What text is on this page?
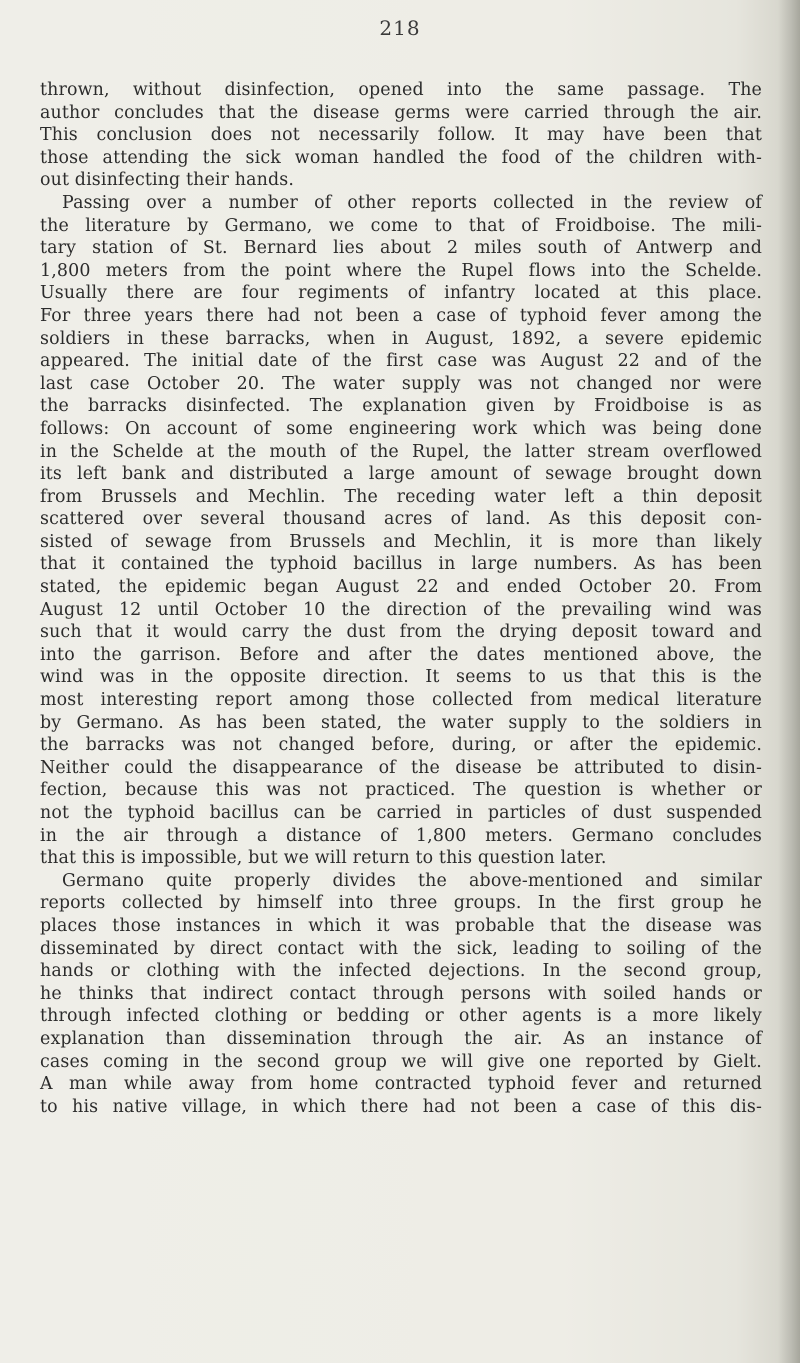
218
thrown, without disinfection, opened into the same passage. The
author concludes that the disease germs were carried through the air.
This conclusion does not necessarily follow. It may have been that
those attending the sick woman handled the food of the children with-
out disinfecting their hands.
Passing over a number of other reports collected in the review of
the literature by Germano, we come to that of Froidboise. The mili-
tary station of St. Bernard lies about 2 miles south of Antwerp and
1,800 meters from the point where the Rupel flows into the Schelde.
Usually there are four regiments of infantry located at this place.
For three years there had not been a case of typhoid fever among the
soldiers in these barracks, when in August, 1892, a severe epidemic
appeared. The initial date of the first case was August 22 and of the
last case October 20. The water supply was not changed nor were
the barracks disinfected. The explanation given by Froidboise is as
follows: On account of some engineering work which was being done
in the Schelde at the mouth of the Rupel, the latter stream overflowed
its left bank and distributed a large amount of sewage brought down
from Brussels and Mechlin. The receding water left a thin deposit
scattered over several thousand acres of land. As this deposit con-
sisted of sewage from Brussels and Mechlin, it is more than likely
that it contained the typhoid bacillus in large numbers. As has been
stated, the epidemic began August 22 and ended October 20. From
August 12 until October 10 the direction of the prevailing wind was
such that it would carry the dust from the drying deposit toward and
into the garrison. Before and after the dates mentioned above, the
wind was in the opposite direction. It seems to us that this is the
most interesting report among those collected from medical literature
by Germano. As has been stated, the water supply to the soldiers in
the barracks was not changed before, during, or after the epidemic.
Neither could the disappearance of the disease be attributed to disin-
fection, because this was not practiced. The question is whether or
not the typhoid bacillus can be carried in particles of dust suspended
in the air through a distance of 1,800 meters. Germano concludes
that this is impossible, but we will return to this question later.
Germano quite properly divides the above-mentioned and similar
reports collected by himself into three groups. In the first group he
places those instances in which it was probable that the disease was
disseminated by direct contact with the sick, leading to soiling of the
hands or clothing with the infected dejections. In the second group,
he thinks that indirect contact through persons with soiled hands or
through infected clothing or bedding or other agents is a more likely
explanation than dissemination through the air. As an instance of
cases coming in the second group we will give one reported by Gielt.
A man while away from home contracted typhoid fever and returned
to his native village, in which there had not been a case of this dis-
